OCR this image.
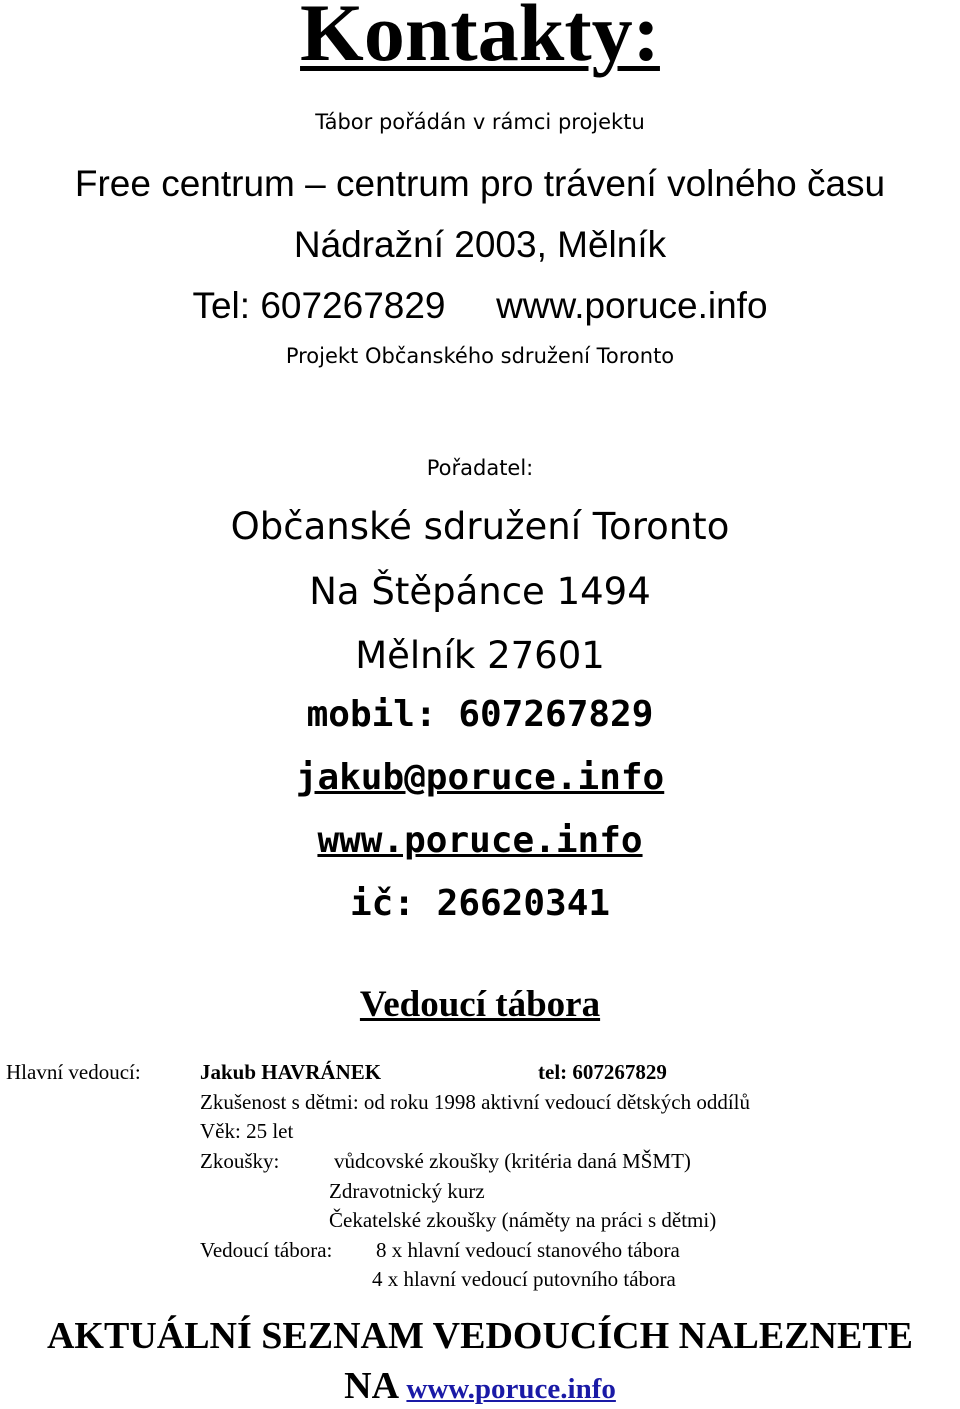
Kontakty:
Tábor pořádán v rámci projektu
Free centrum – centrum pro trávení volného času
Nádražní 2003, Mělník
Tel: 607267829 www.poruce.info
Projekt Občanského sdružení Toronto
Pořadatel:
Občanské sdružení Toronto
Na Štěpánce 1494
Mělník 27601
mobil: 607267829
jakub@poruce.info
www.poruce.info
ič: 26620341
Vedoucí tábora
Hlavní vedoucí:	Jakub HAVRÁNEK	tel: 607267829
Zkušenost s dětmi: od roku 1998 aktivní vedoucí dětských oddílů
Věk: 25 let
Zkoušky:	vůdcovské zkoušky (kritéria daná MŠMT)
Zdravotnický kurz
Čekatelské zkoušky (náměty na práci s dětmi)
Vedoucí tábora: 8 x hlavní vedoucí stanového tábora
4 x hlavní vedoucí putovního tábora
AKTUÁLNÍ SEZNAM VEDOUCÍCH NALEZNETE
NA www.poruce.info
